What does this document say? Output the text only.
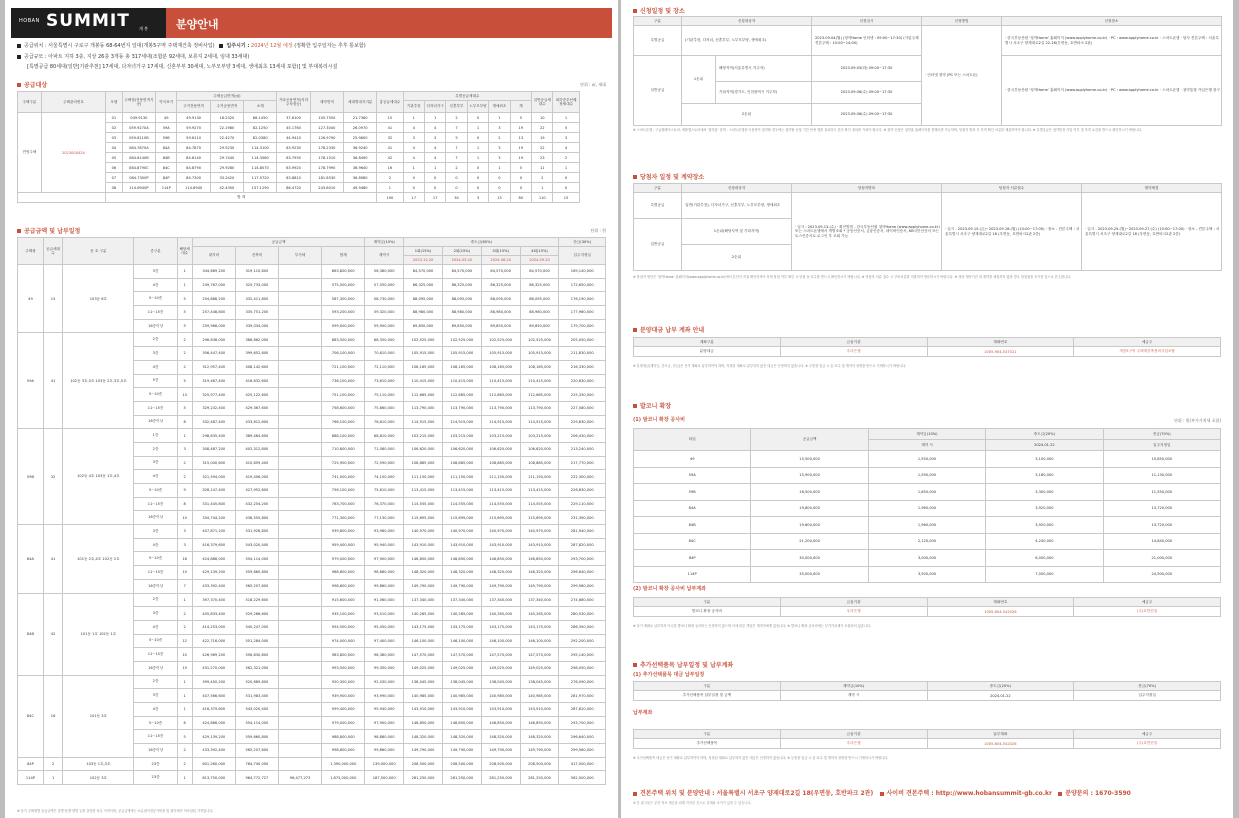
HOBAN SUMMIT 개 봉	분양안내
공급위치 : 서울특별시 구로구 개봉동 68-64번지 일대(개봉5구역 주택재건축 정비사업) 입주시기 : 2024년 12월 예정 (정확한 입주일자는 추후 통보함)
공급규모 : 아파트 지하 3층, 지상 26층 3개동 총 317세대(조합분 92세대, 보류지 2세대, 임대 33세대)
[특별공급 80세대(일반[기관추천] 17세대, 다자녀가구 17세대, 신혼부부 30세대, 노부모부양 3세대, 생애최초 13세대 포함)] 및 부대복리시설
공급대상	단위 : ㎡, 세대
주택구분	주택관리번호	모델	주택형(전용면적기준)	약식표기	주택공급면적(㎡)			기타공용면적(지하주차장등)	계약면적	세대별대지지분	총공급세대수	특별공급세대수						일반공급세대수	최하층우선배정세대수
					주거전용면적	주거공용면적	소계					기관추천	다자녀가구	신혼부부	노부모부양	생애최초	계		
민영주택	2023000424	01	049.9130	49	49.9130	18.2320	68.1450	37.6100	105.7550	21.7360	15	1	1	2	0	1	5	10	1
		02	059.9270A	59A	59.9270	22.1980	82.1250	45.1760	127.3040	26.0970	41	4	4	7	1	3	19	22	5
		03	059.6110B	59B	59.6110	22.4270	82.0380	44.9410	126.9790	25.9600	32	3	3	5	0	2	13	19	3
		04	084.7870A	84A	84.7870	29.5230	114.3100	63.9230	178.2330	36.9240	41	4	4	7	1	3	19	22	4
		05	084.6140B	84B	84.6140	29.7440	114.3580	63.7930	178.1510	36.8490	42	4	4	7	1	3	19	23	2
		06	084.8790C	84C	84.8790	29.9280	114.8070	63.9920	178.7990	36.9640	16	1	1	2	0	1	5	11	1
		07	084.7300P	84P	84.7300	33.2420	117.9720	63.8810	181.8530	36.8980	2	0	0	0	0	0	0	2	0
		08	114.6940P	114P	114.6940	42.4350	157.1290	86.4720	243.6010	49.9480	1	0	0	0	0	0	0	1	0
		합 계									190	17	17	30	3	13	80	110	15
공급금액 및 납부일정	단위 : 원
주택형	공급세대수	동 호 구분	층구분	해당세대수	공급금액				계약금(10%)	중도금(60%)				잔금(30%)
					대지비	건축비	부가세	합계	계약시	1회(15%)	2회(15%)	3회(15%)	4회(15%)	입주지정일
										2023.12.20	2024.03.20	2024.06.20	2024.09.20	
49	15	103동 6호	3층	1	344,689,200	319,110,800		663,800,000	56,380,000	84,570,000	84,570,000	84,570,000	84,570,000	169,140,000
			4층	1	249,767,000	325,733,000		575,500,000	57,550,000	86,325,000	86,325,000	86,325,000	86,325,000	172,650,000
			5~10층	5	254,888,200	332,411,800		587,300,000	58,730,000	88,095,000	88,095,000	88,095,000	88,095,000	176,190,000
			11~15층	5	257,448,800	335,751,200		593,200,000	59,320,000	88,980,000	88,980,000	88,980,000	88,980,000	177,960,000
			16층이상	5	259,966,000	339,034,000		599,000,000	59,900,000	89,850,000	89,850,000	89,850,000	89,850,000	179,700,000
59A	41	102동 3호,5호 103동 2호,3호,5호	2층	2	296,638,000	386,862,000		683,500,000	68,350,000	102,525,000	102,525,000	102,525,000	102,525,000	205,050,000
			3층	2	306,447,400	399,652,600		706,100,000	70,610,000	105,915,000	105,915,000	105,915,000	105,915,000	211,830,000
			4층	2	312,957,400	408,142,600		721,100,000	72,110,000	108,165,000	108,165,000	108,165,000	108,165,000	216,330,000
			5층	5	319,467,400	416,632,600		736,100,000	73,610,000	110,415,000	110,415,000	110,415,000	110,415,000	220,830,000
			5~10층	13	325,977,400	425,122,600		751,100,000	75,110,000	112,665,000	112,665,000	112,665,000	112,665,000	225,330,000
			11~15층	5	329,232,400	429,367,600		758,600,000	75,860,000	113,790,000	113,790,000	113,790,000	113,790,000	227,580,000
			16층이상	8	332,487,400	433,612,600		766,100,000	76,610,000	114,915,000	114,915,000	114,915,000	114,915,000	229,830,000
59B	32	102동 4호 103동 1호,4호	1층	1	298,635,400	389,464,600		688,100,000	68,810,000	103,215,000	103,215,000	103,215,000	103,215,000	206,430,000
			2층	3	308,487,200	402,312,800		710,800,000	71,080,000	106,620,000	106,620,000	106,620,000	106,620,000	213,240,000
			3층	2	315,040,600	410,859,400		725,900,000	72,590,000	108,885,000	108,885,000	108,885,000	108,885,000	217,770,000
			4층	2	321,594,000	419,406,000		741,000,000	74,100,000	111,150,000	111,150,000	111,150,000	111,150,000	222,300,000
			5~10층	9	328,147,400	427,952,600		756,100,000	75,610,000	113,415,000	113,415,000	113,415,000	113,415,000	226,830,000
			11~15층	8	331,445,800	432,254,200		763,700,000	76,370,000	114,555,000	114,555,000	114,555,000	114,555,000	229,110,000
			16층이상	10	334,744,200	436,555,800		771,300,000	77,130,000	115,695,000	115,695,000	115,695,000	115,695,000	231,390,000
84A	41	101동 2호,4호 102동 2호	3층	3	407,871,200	531,928,800		939,800,000	93,980,000	140,970,000	140,970,000	140,970,000	140,970,000	281,940,000
			4층	3	416,379,600	543,020,400		959,400,000	95,940,000	143,910,000	143,910,000	143,910,000	143,910,000	287,820,000
			5~10층	18	424,886,000	554,114,000		979,000,000	97,900,000	146,850,000	146,850,000	146,850,000	146,850,000	293,700,000
			11~15층	10	429,139,200	559,660,800		988,800,000	98,880,000	148,320,000	148,320,000	148,320,000	148,320,000	296,640,000
			16층이상	7	433,392,400	565,207,600		998,600,000	99,860,000	149,790,000	149,790,000	149,790,000	149,790,000	299,580,000
84B	42	101동 1호 102동 1호	2층	1	397,370,400	518,229,600		915,600,000	91,560,000	137,340,000	137,340,000	137,340,000	137,340,000	274,680,000
			3층	2	405,833,400	529,266,600		935,100,000	93,510,000	140,265,000	140,265,000	140,265,000	140,265,000	280,530,000
			4층	2	414,253,000	540,247,000		954,500,000	95,450,000	143,175,000	143,175,000	143,175,000	143,175,000	286,350,000
			5~10층	12	422,716,000	551,284,000		974,000,000	97,400,000	146,100,000	146,100,000	146,100,000	146,100,000	292,200,000
			11~15층	10	426,969,200	556,830,800		983,800,000	98,380,000	147,570,000	147,570,000	147,570,000	147,570,000	295,140,000
			16층이상	15	431,270,000	562,321,000		993,500,000	99,350,000	149,025,000	149,025,000	149,025,000	149,025,000	298,050,000
84C	16	101동 3호	2층	1	399,450,200	520,889,800		920,300,000	92,030,000	138,045,000	138,045,000	138,045,000	138,045,000	276,090,000
			3층	1	407,566,600	531,983,400		939,900,000	93,990,000	140,985,000	140,985,000	140,985,000	140,985,000	281,970,000
			4층	1	416,379,600	543,020,400		959,400,000	95,940,000	143,910,000	143,910,000	143,910,000	143,910,000	287,820,000
			5~10층	6	424,886,000	554,114,000		979,000,000	97,900,000	146,850,000	146,850,000	146,850,000	146,850,000	293,700,000
			11~15층	5	429,139,200	559,660,800		988,800,000	98,880,000	148,320,000	148,320,000	148,320,000	148,320,000	296,640,000
			16층이상	2	433,392,400	565,207,600		998,600,000	99,860,000	149,790,000	149,790,000	149,790,000	149,790,000	299,580,000
84P	2	103동 1호,3호	23층	2	601,260,000	784,740,000		1,390,000,000	139,000,000	208,500,000	208,500,000	208,500,000	208,500,000	417,000,000
114P	1	102동 3호	23층	1	813,750,000	964,772,727	96,477,273	1,875,000,000	187,500,000	281,250,000	281,250,000	281,250,000	281,250,000	562,500,000
※ 상기 주택형별 공급금액은 층별·동별·향별 등을 감안한 차등 가격이며, 공급금액에는 소유권이전등기비용 및 취득세가 미포함된 가격입니다.
신청일정 및 장소
구분	신청대상자		신청일시	신청방법	신청장소
특별공급	(기관추천, 다자녀, 신혼부부, 노부모부양, 생애최초)		2023.09.04(월) (청약Home 인터넷 : 09:00~17:30) (사업주체 견본주택 : 10:00~14:00)	· 인터넷 청약 (PC 또는 스마트폰)	· 한국부동산원 '청약Home' 홈페이지 (www.applyhome.co.kr) · PC : www.applyhome.co.kr · 스마트폰앱 · 당사 견본주택 : 서울특별시 서초구 양재대로2길 22-16(우면동, 호반파크 2관)
일반공급	1순위	해당지역(서울특별시 거주자)	2023.09.05(화) 09:00~17:30		· 한국부동산원 '청약Home' 홈페이지 (www.applyhome.co.kr) · PC : www.applyhome.co.kr · 스마트폰앱 · 청약통장 가입은행 창구
		기타지역(경기도, 인천광역시 거주자)	2023.09.06(수) 09:00~17:30		
	2순위		2023.09.06(수) 09:00~17:30		
※ 스마트폰앱 : 구글플레이스토어, 애플앱스토어에서 '청약홈' 검색 - 스마트폰앱을 이용하여 청약할 경우에는 청약할 신청 기간 안에 앱을 설치하고 본인 확인 절차를 거쳐야 합니다. ※ 청약 신청은 청약홈 홈페이지를 통해서만 가능하며, 당첨자 발표 후 자격 확인 서류를 제출하여야 합니다. ※ 특별공급은 청약통장 가입 여부 및 자격 요건을 반드시 확인하시기 바랍니다.
당첨자 일정 및 계약장소
구분	신청대상자	당첨자발표	당첨자 서류접수	계약체결
특별공급	일반(기관추천), 다자녀가구, 신혼부부, 노부모부양, 생애최초	· 일시 : 2023.09.13.(수) · 확인방법 - 한국부동산원 청약Home (www.applyhome.co.kr) 또는 스마트폰앱에서 개별조회 * 공동인증서, 금융인증서, 네이버인증서, KB국민인증서 또는 토스인증서로 로그인 후 조회 가능	· 일시 - 2023.09.15.(금)~2023.09.18.(월) (10:00~17:00) · 장소 - 견본주택 : 서울특별시 서초구 양재대로2길 18 (우면동, 호반파크2관 2층)	· 일시 - 2023.09.25.(월)~2023.09.27.(수) (10:00~17:00) · 장소 - 견본주택 : 서울특별시 서초구 양재대로2길 18 (우면동, 호반파크2관 2층)
일반공급	1순위(해당지역 및 기타지역)			
	2순위			
※ 당첨자 명단은 '청약Home' 홈페이지(www.applyhome.co.kr)에서 본인이 직접 확인하셔야 하며 당첨 여부 확인 시 당첨 동·호수를 반드시 확인하시기 바랍니다. ※ 당첨자 서류 접수 시 구비서류를 지참하여 방문하시기 바랍니다. ※ 정당 계약기간 내 계약을 체결하지 않을 경우 당첨권을 포기한 것으로 간주합니다.
분양대금 납부 계좌 안내
계좌구분	금융기관	계좌번호	예금주
분양대금	우리은행	1005-904-537021	개봉5구역 주택재건축정비사업조합
※ 분양대금(계약금, 중도금, 잔금)은 상기 계좌로 납부하여야 하며, 지정된 계좌로 납부하지 않은 대금은 인정하지 않습니다. ※ 무통장 입금 시 동·호수 및 계약자 성명을 반드시 기재하시기 바랍니다.
발코니 확장
(1) 발코니 확장 공사비	단위 : 원(부가가치세 포함)
타입	공급금액	계약금(10%)	중도금(20%)	잔금(70%)
		계약 시	2024.01.22	입주지정일
49	15,500,000	1,550,000	3,100,000	10,850,000
59A	15,900,000	1,590,000	3,180,000	11,130,000
59B	16,500,000	1,650,000	3,300,000	11,550,000
84A	19,600,000	1,960,000	3,920,000	13,720,000
84B	19,600,000	1,960,000	3,920,000	13,720,000
84C	21,200,000	2,120,000	4,240,000	14,840,000
84P	30,000,000	3,000,000	6,000,000	21,000,000
114P	35,000,000	3,500,000	7,000,000	24,500,000
(2) 발코니 확장 공사비 납부계좌
구분	금융기관	계좌번호	예금주
발코니 확장 공사비	우리은행	1005-604-542026	(주)호반건설
※ 상기 계좌로 납부하지 아니한 발코니 확장 공사비는 인정하지 않으며 이에 따른 책임은 계약자에게 있습니다. ※ 발코니 확장 공사비에는 부가가치세가 포함되어 있습니다.
추가선택품목 납부일정 및 납부계좌
(1) 추가선택품목 대금 납부일정
구분	계약금(10%)	중도금(20%)	잔금(70%)
추가선택품목 납부일정 및 금액	계약 시	2024.01.22	입주지정일
납부계좌
구분	금융기관	납부계좌	예금주
추가선택품목	우리은행	1005-604-542026	(주)호반건설
※ 추가선택품목 대금은 상기 계좌로 납부하여야 하며, 지정된 계좌로 납부하지 않은 대금은 인정하지 않습니다. ※ 무통장 입금 시 동·호수 및 계약자 성명을 반드시 기재하시기 바랍니다.
견본주택 위치 및 분양안내 : 서울특별시 서초구 양재대로2길 18(우면동, 호반파크 2관) 사이버 견본주택 : http://www.hobansummit-gb.co.kr 분양문의 : 1670-3590
※ 본 광고물은 분양 정보 제공을 위해 작성된 것으로 실제와 차이가 있을 수 있습니다.
